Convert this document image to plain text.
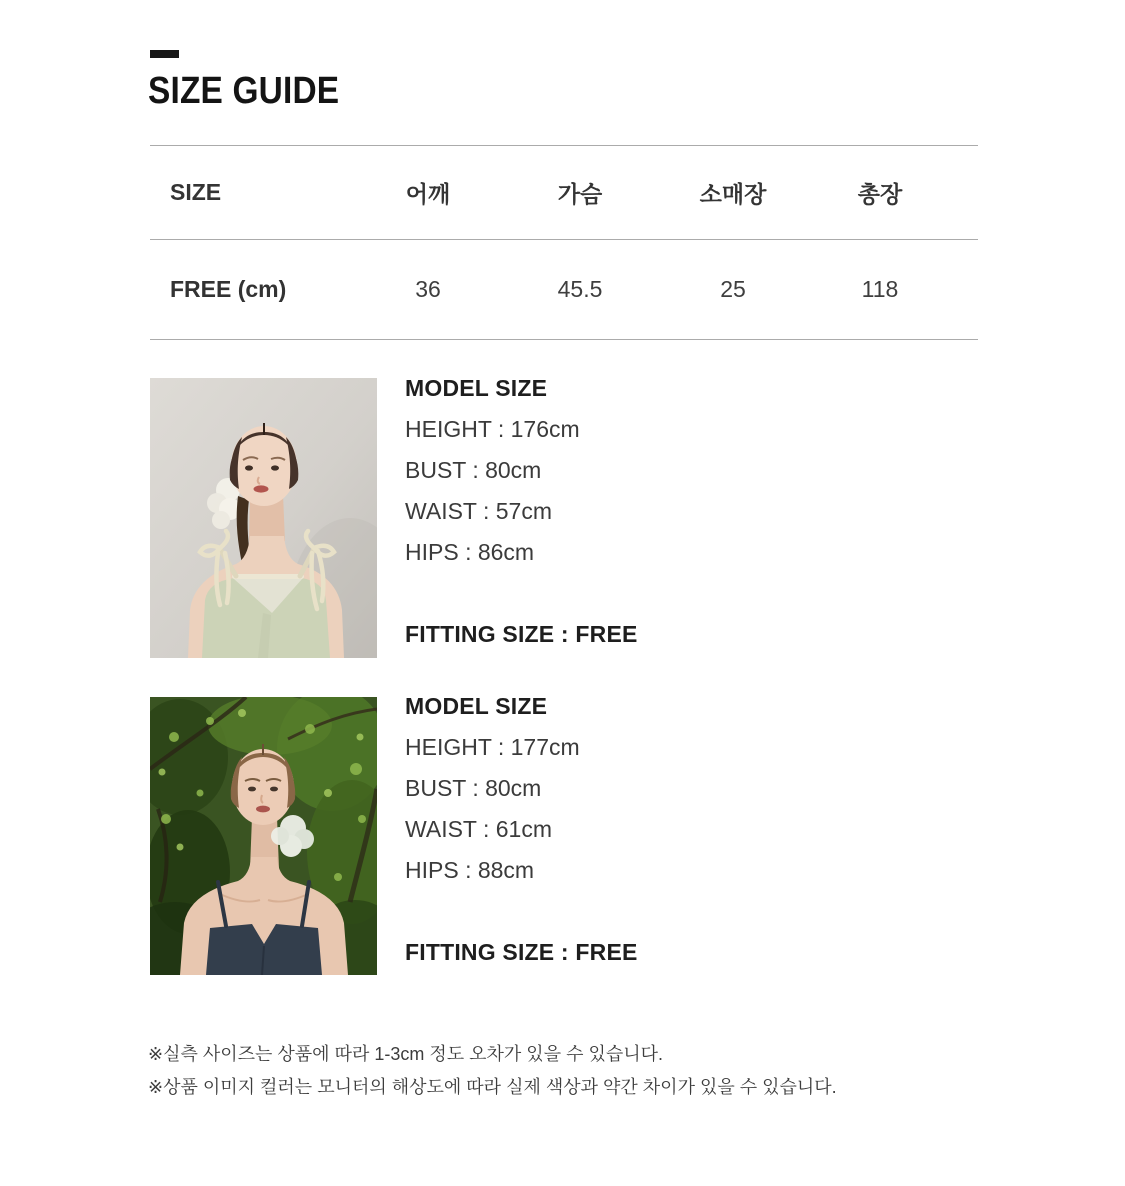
SIZE GUIDE
SIZE	어깨	가슴	소매장	총장
FREE (cm)	36	45.5	25	118
MODEL SIZE
HEIGHT : 176cm
BUST : 80cm
WAIST : 57cm
HIPS : 86cm
FITTING SIZE : FREE
MODEL SIZE
HEIGHT : 177cm
BUST : 80cm
WAIST : 61cm
HIPS : 88cm
FITTING SIZE : FREE

※실측 사이즈는 상품에 따라 1-3cm 정도 오차가 있을 수 있습니다.

※상품 이미지 컬러는 모니터의 해상도에 따라 실제 색상과 약간 차이가 있을 수 있습니다.
